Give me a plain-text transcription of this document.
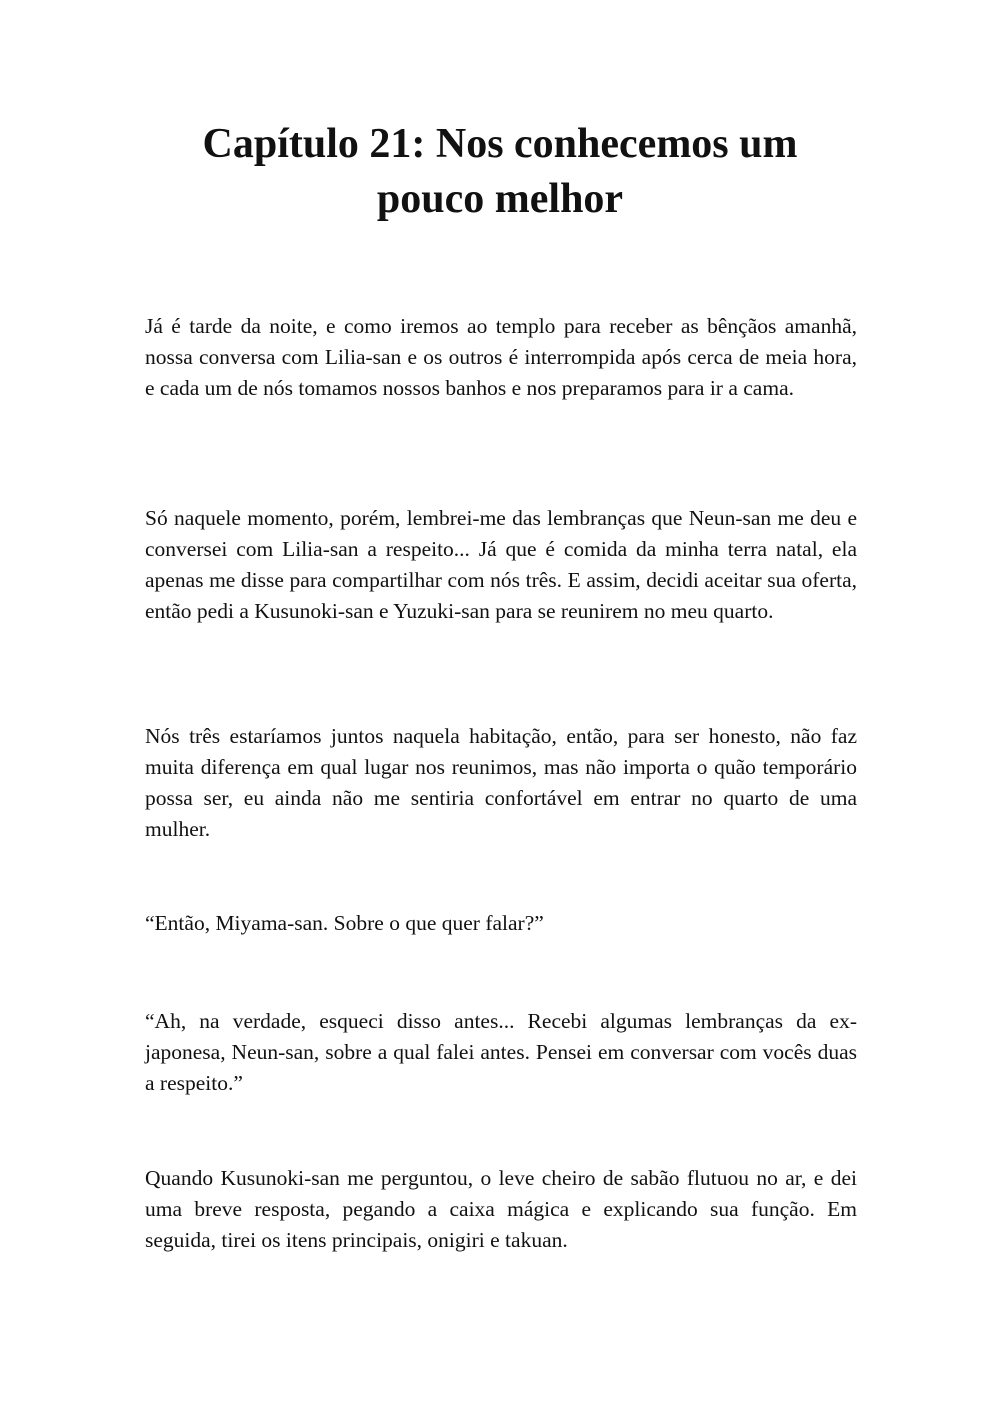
Capítulo 21: Nos conhecemos um pouco melhor

Já é tarde da noite, e como iremos ao templo para receber as bênçãos amanhã, nossa conversa com Lilia-san e os outros é interrompida após cerca de meia hora, e cada um de nós tomamos nossos banhos e nos preparamos para ir a cama.

Só naquele momento, porém, lembrei-me das lembranças que Neun-san me deu e conversei com Lilia-san a respeito... Já que é comida da minha terra natal, ela apenas me disse para compartilhar com nós três. E assim, decidi aceitar sua oferta, então pedi a Kusunoki-san e Yuzuki-san para se reunirem no meu quarto.

Nós três estaríamos juntos naquela habitação, então, para ser honesto, não faz muita diferença em qual lugar nos reunimos, mas não importa o quão temporário possa ser, eu ainda não me sentiria confortável em entrar no quarto de uma mulher.

“Então, Miyama-san. Sobre o que quer falar?”

“Ah, na verdade, esqueci disso antes... Recebi algumas lembranças da ex-japonesa, Neun-san, sobre a qual falei antes. Pensei em conversar com vocês duas a respeito.”

Quando Kusunoki-san me perguntou, o leve cheiro de sabão flutuou no ar, e dei uma breve resposta, pegando a caixa mágica e explicando sua função. Em seguida, tirei os itens principais, onigiri e takuan.
